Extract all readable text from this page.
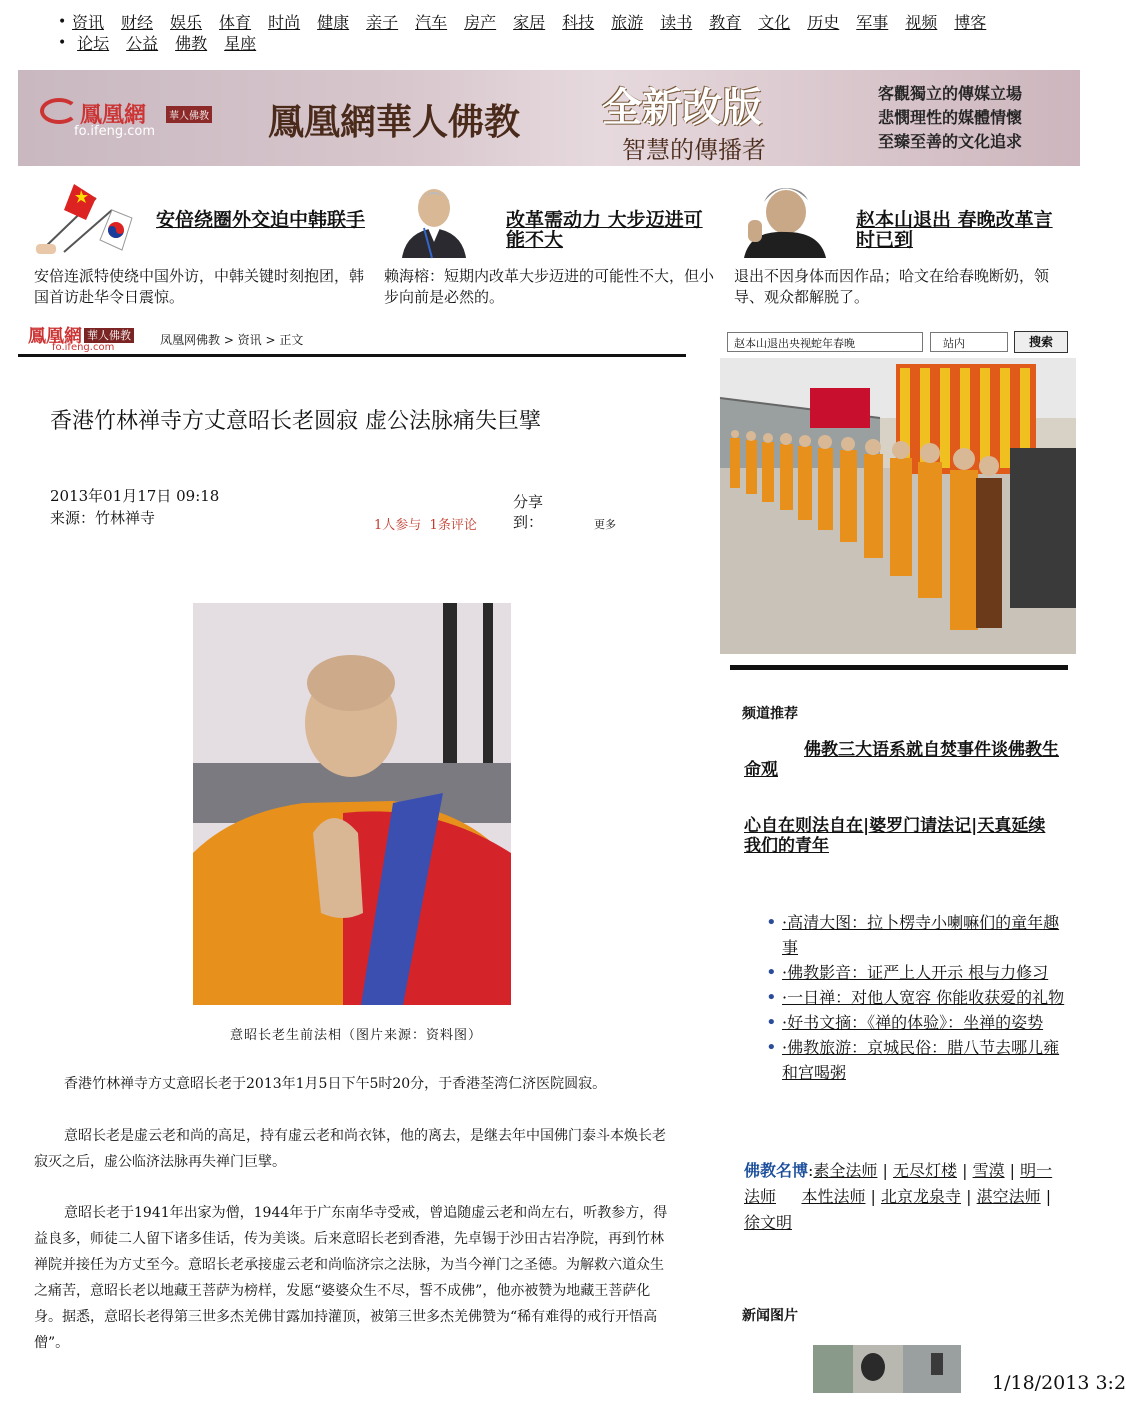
• 资讯 财经 娱乐 体育 时尚 健康 亲子 汽车 房产 家居 科技 旅游 读书 教育 文化 历史 军事 视频 博客
•
论坛 公益 佛教 星座
鳳凰網	華人佛教
fo.ifeng.com	鳳凰網華人佛教 全新改版
智慧的傳播者
客觀獨立的傳媒立場
悲憫理性的媒體情懷
至臻至善的文化追求
安倍绕圈外交迫中韩联手
安倍连派特使绕中国外访，中韩关键时刻抱团，韩国首访赴华令日震惊。
改革需动力 大步迈进可能不大
赖海榕：短期内改革大步迈进的可能性不大，但小步向前是必然的。
赵本山退出 春晚改革言时已到
退出不因身体而因作品；哈文在给春晚断奶，领导、观众都解脱了。
鳳凰網 華人佛教
fo.ifeng.com
凤凰网佛教 > 资讯 > 正文	赵本山退出央视蛇年春晚	站内	搜索
香港竹林禅寺方丈意昭长老圆寂 虚公法脉痛失巨擘
2013年01月17日 09:18
来源：竹林禅寺	1人参与 1条评论
分享到：	更多
意昭长老生前法相（图片来源：资料图）
香港竹林禅寺方丈意昭长老于2013年1月5日下午5时20分，于香港荃湾仁济医院圆寂。
意昭长老是虚云老和尚的高足，持有虚云老和尚衣钵，他的离去，是继去年中国佛门泰斗本焕长老寂灭之后，虚公临济法脉再失禅门巨擘。
意昭长老于1941年出家为僧，1944年于广东南华寺受戒，曾追随虚云老和尚左右，听教参方，得益良多，师徒二人留下诸多佳话，传为美谈。后来意昭长老到香港，先卓锡于沙田古岩净院，再到竹林禅院并接任为方丈至今。意昭长老承接虚云老和尚临济宗之法脉，为当今禅门之圣德。为解救六道众生之痛苦，意昭长老以地藏王菩萨为榜样，发愿“婆婆众生不尽，誓不成佛”，他亦被赞为地藏王菩萨化身。据悉，意昭长老得第三世多杰羌佛甘露加持灌顶，被第三世多杰羌佛赞为“稀有难得的戒行开悟高僧”。
频道推荐
佛教三大语系就自焚事件谈佛教生命观
心自在则法自在|婆罗门请法记|天真延续我们的青年
• ·高清大图：拉卜楞寺小喇嘛们的童年趣事
• ·佛教影音：证严上人开示 根与力修习
• ·一日禅：对他人宽容 你能收获爱的礼物
• ·好书文摘：《禅的体验》：坐禅的姿势
• ·佛教旅游：京城民俗：腊八节去哪儿雍和宫喝粥
佛教名博:素全法师 | 无尽灯楼 | 雪漠 | 明一法师 本性法师 | 北京龙泉寺 | 湛空法师 | 徐文明
新闻图片
1/18/2013 3:2
